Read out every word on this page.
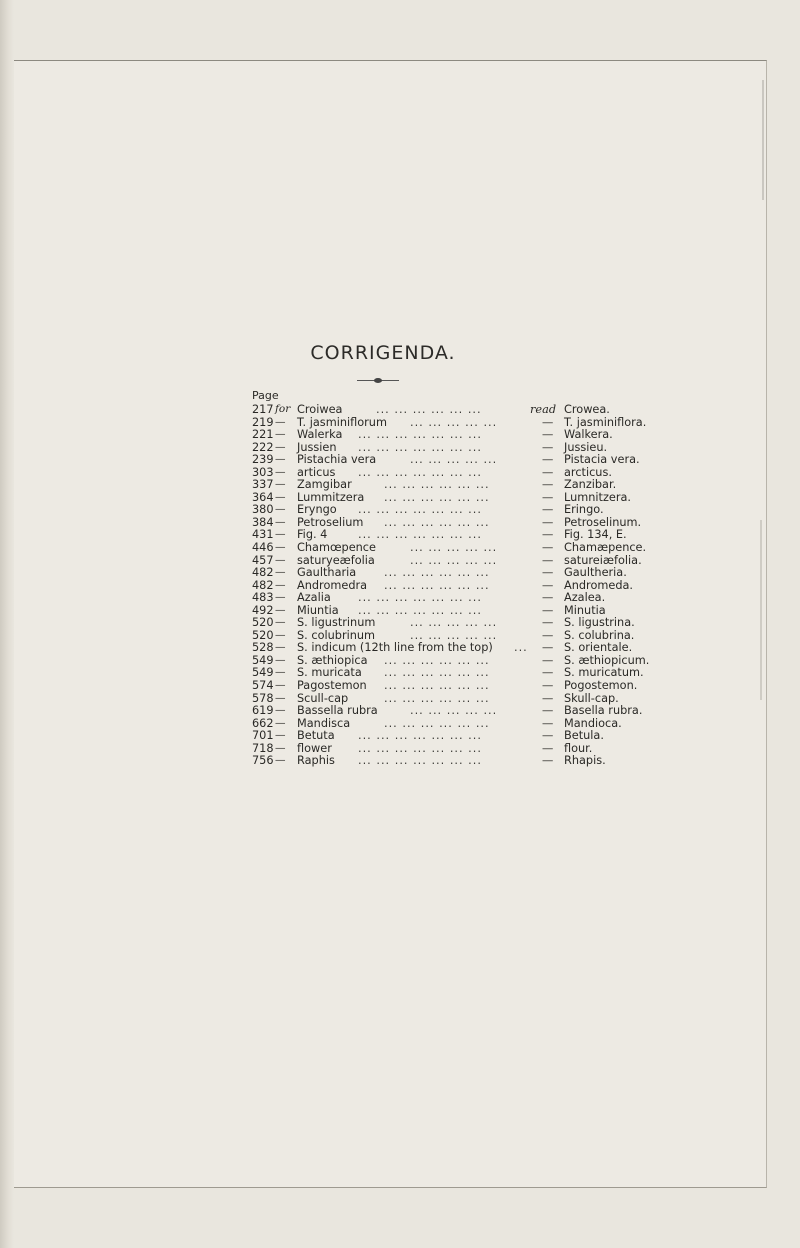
CORRIGENDA.
Page
217 for Croiwea	... ... ... ... ... ...	read Crowea.
219 — T. jasminiflorum ... ... ... ... ...	— T. jasminiflora.
221 — Walerka ... ... ... ... ... ... ...	— Walkera.
222 — Jussien ... ... ... ... ... ... ...	— Jussieu.
239 — Pistachia vera	... ... ... ... ...	— Pistacia vera.
303 — articus ... ... ... ... ... ... ...	— arcticus.
337 — Zamgibar	... ... ... ... ... ...	— Zanzibar.
364 — Lummitzera ... ... ... ... ... ...	— Lumnitzera.
380 — Eryngo ... ... ... ... ... ... ...	— Eringo.
384 — Petroselium ... ... ... ... ... ...	— Petroselinum.
431 — Fig. 4	... ... ... ... ... ... ...	— Fig. 134, E.
446 — Chamœpence	... ... ... ... ...	— Chamæpence.
457 — saturyeæfolia	... ... ... ... ...	— satureiæfolia.
482 — Gaultharia ... ... ... ... ... ...	— Gaultheria.
482 — Andromedra ... ... ... ... ... ...	— Andromeda.
483 — Azalia ... ... ... ... ... ... ...	— Azalea.
492 — Miuntia ... ... ... ... ... ... ...	— Minutia
520 — S. ligustrinum	... ... ... ... ...	— S. ligustrina.
520 — S. colubrinum	... ... ... ... ...	— S. colubrina.
528 — S. indicum (12th line from the top) ... — S. orientale.
549 — S. æthiopica ... ... ... ... ... ...	— S. æthiopicum.
549 — S. muricata ... ... ... ... ... ...	— S. muricatum.
574 — Pagostemon ... ... ... ... ... ...	— Pogostemon.
578 — Scull-cap	... ... ... ... ... ...	— Skull-cap.
619 — Bassella rubra	... ... ... ... ...	— Basella rubra.
662 — Mandisca	... ... ... ... ... ...	— Mandioca.
701 — Betuta ... ... ... ... ... ... ...	— Betula.
718 — flower ... ... ... ... ... ... ...	— flour.
756 — Raphis ... ... ... ... ... ... ...	— Rhapis.
